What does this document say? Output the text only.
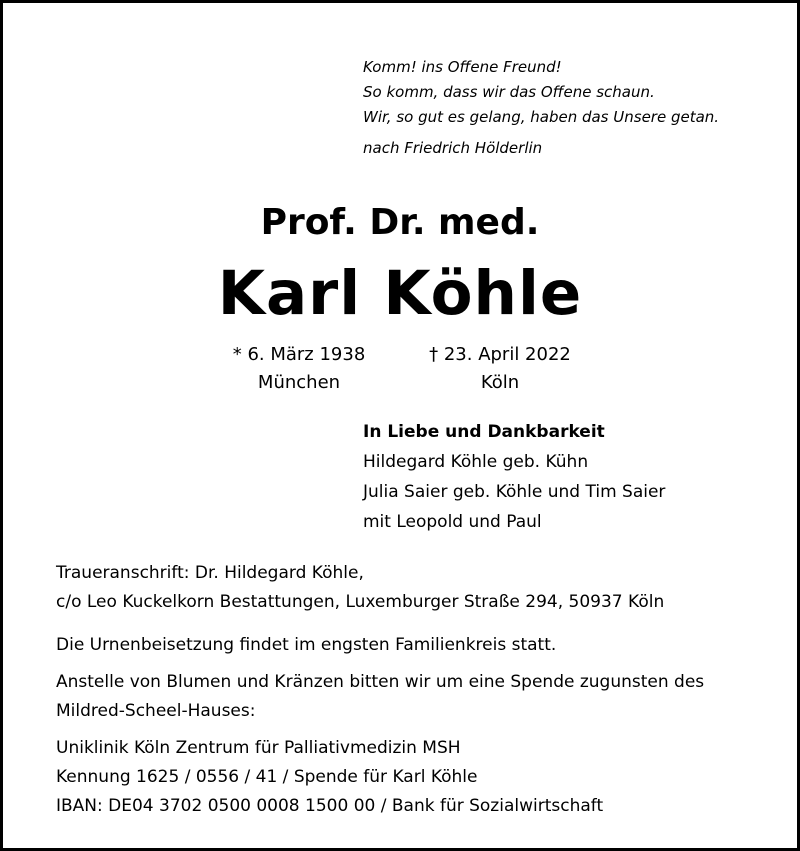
Komm! ins Offene Freund!
So komm, dass wir das Offene schaun.
Wir, so gut es gelang, haben das Unsere getan.
nach Friedrich Hölderlin
Prof. Dr. med.
Karl Köhle
* 6. März 1938
München
† 23. April 2022
Köln
In Liebe und Dankbarkeit
Hildegard Köhle geb. Kühn
Julia Saier geb. Köhle und Tim Saier
mit Leopold und Paul
Traueranschrift: Dr. Hildegard Köhle,
c/o Leo Kuckelkorn Bestattungen, Luxemburger Straße 294, 50937 Köln
Die Urnenbeisetzung findet im engsten Familienkreis statt.
Anstelle von Blumen und Kränzen bitten wir um eine Spende zugunsten des
Mildred-Scheel-Hauses:
Uniklinik Köln Zentrum für Palliativmedizin MSH
Kennung 1625 / 0556 / 41 / Spende für Karl Köhle
IBAN: DE04 3702 0500 0008 1500 00 / Bank für Sozialwirtschaft
